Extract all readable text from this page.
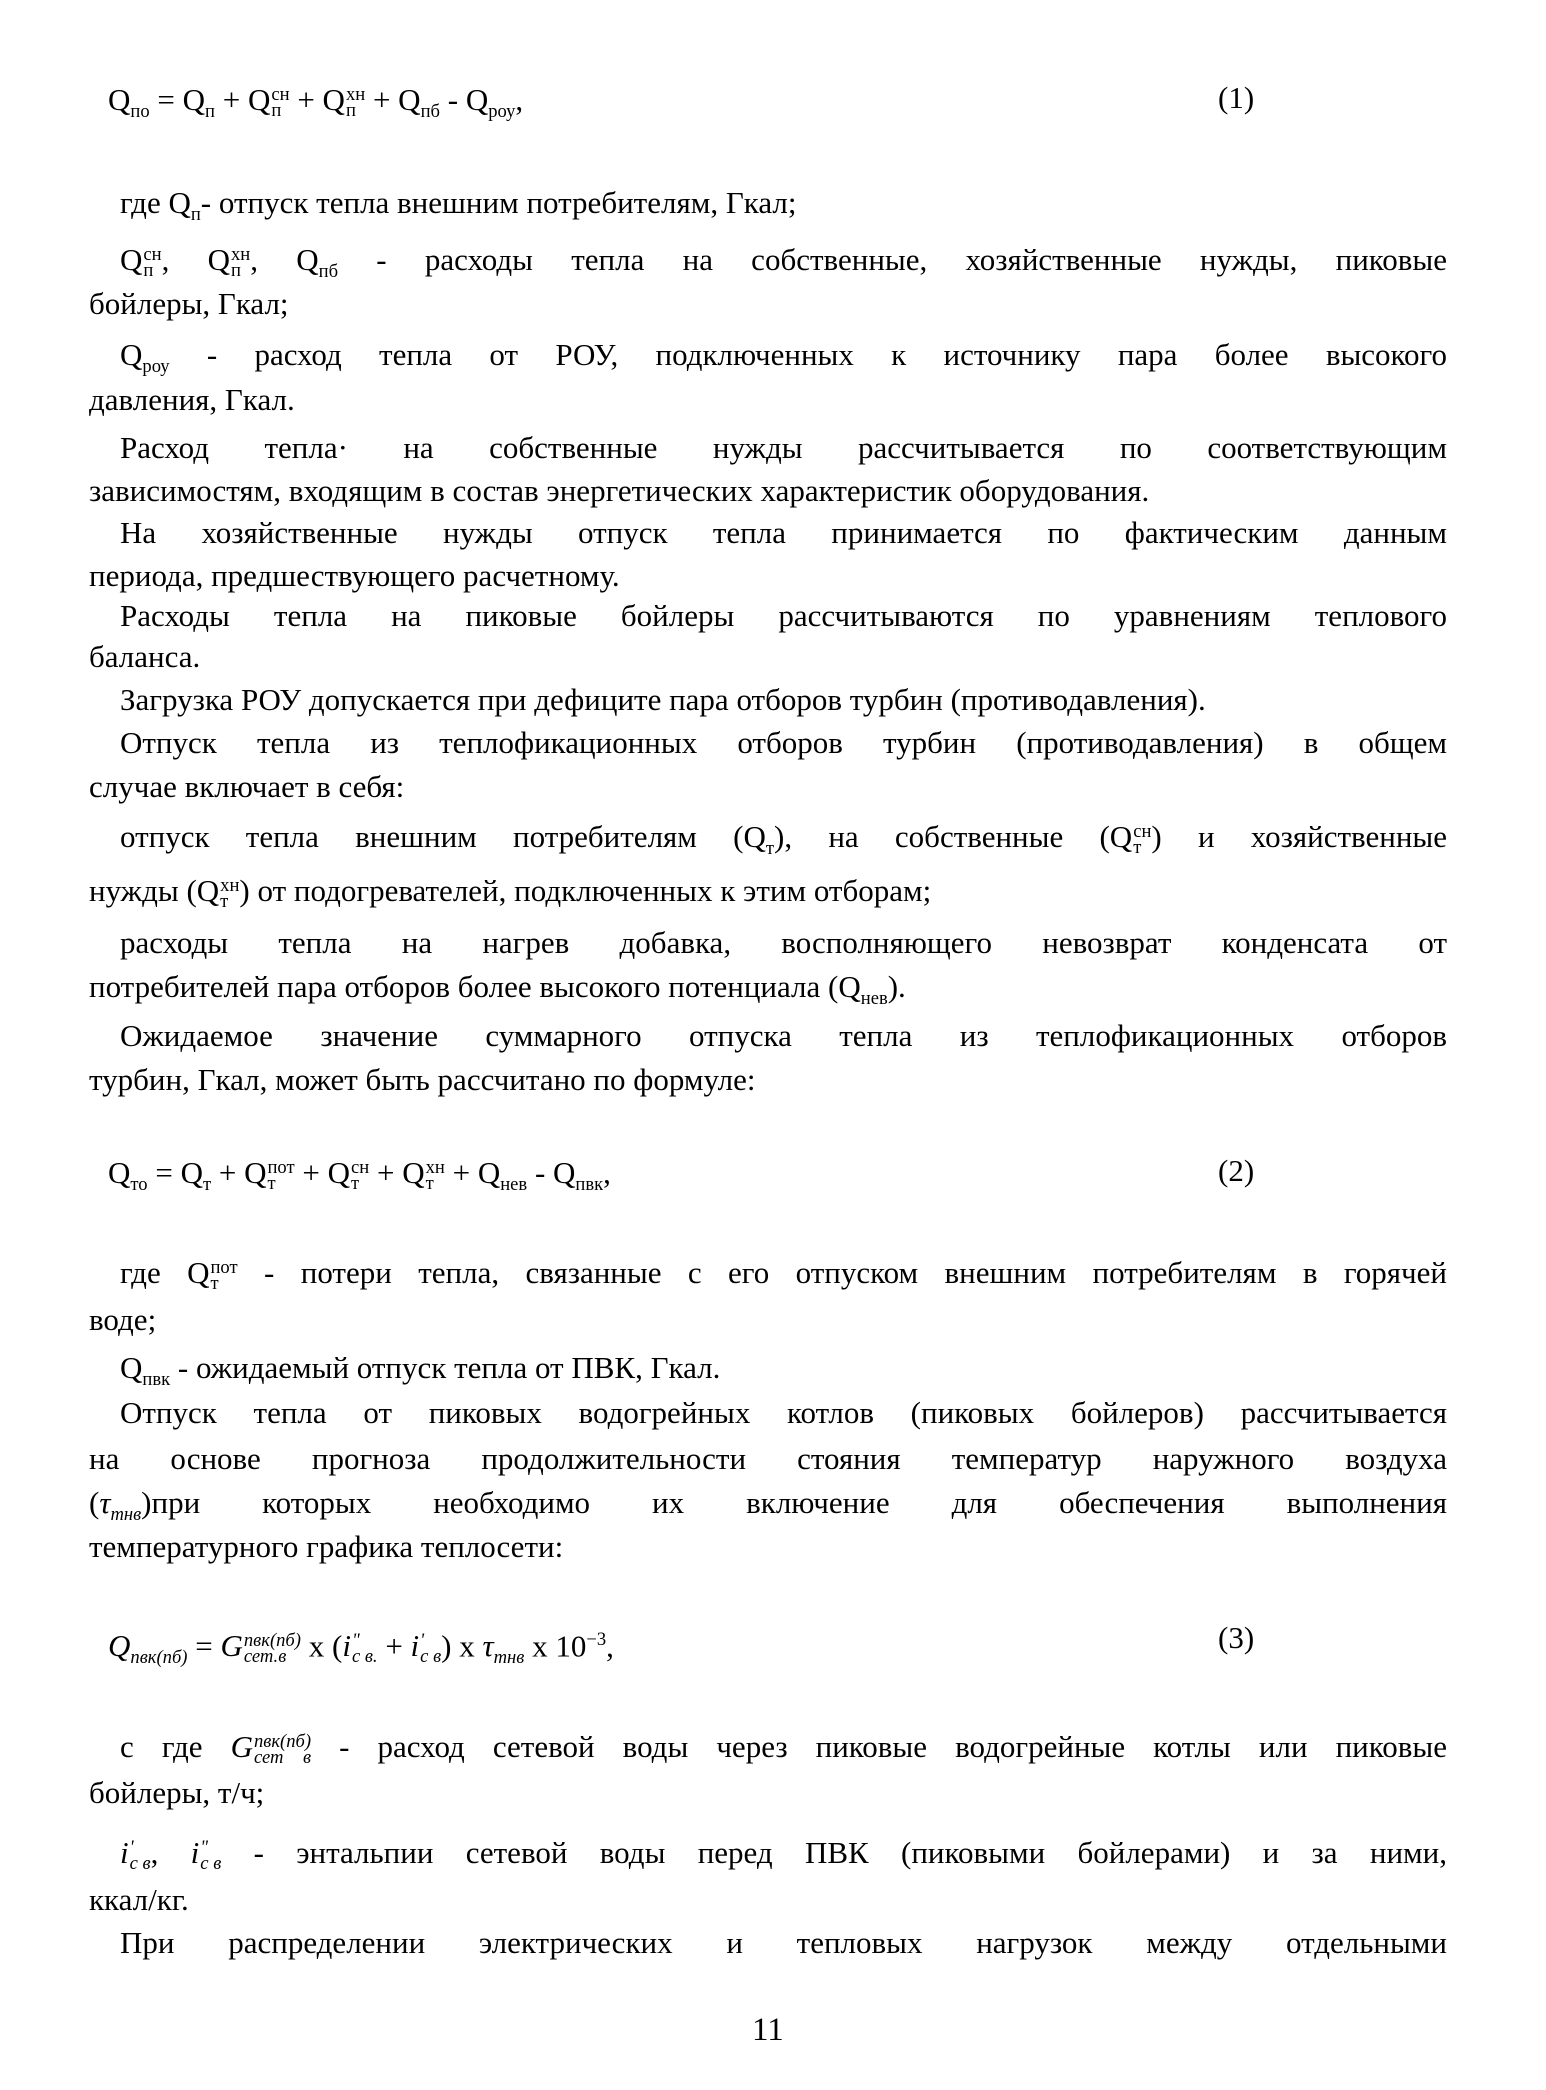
где $Q_п-$ отпуск тепла внешним потребителям, Гкал;
Q сн
п , Q хн
п , $Q_{пб}$ - расходы тепла на собственные, хозяйственные нужды, пиковые
бойлеры, Гкал;
$Q_{роу}$ - расход тепла от РОУ, подключенных к источнику пара более высокого
давления, Гкал.
Расход тепла· на собственные нужды рассчитывается по соответствующим
зависимостям, входящим в состав энергетических характеристик оборудования.
На хозяйственные нужды отпуск тепла принимается по фактическим данным
периода, предшествующего расчетному.
Расходы тепла на пиковые бойлеры рассчитываются по уравнениям теплового
баланса.
Загрузка РОУ допускается при дефиците пара отборов турбин (противодавления).
Отпуск тепла из теплофикационных отборов турбин (противодавления) в общем
случае включает в себя:
отпуск тепла внешним потребителям $(Q_т)$, на собственные (Q сн
т ) и хозяйственные
нужды (Q хн
т ) от подогревателей, подключенных к этим отборам;
расходы тепла на нагрев добавка, восполняющего невозврат конденсата от
потребителей пара отборов более высокого потенциала $(Q_{нев})$.
Ожидаемое значение суммарного отпуска тепла из теплофикационных отборов
турбин, Гкал, может быть рассчитано по формуле:
где Q пот
т - потери тепла, связанные с его отпуском внешним потребителям в горячей
воде;
$Q_{пвк}$ - ожидаемый отпуск тепла от ПВК, Гкал.
Отпуск тепла от пиковых водогрейных котлов (пиковых бойлеров) рассчитывается
на основе прогноза продолжительности стояния температур наружного воздуха
$(\tau_{тнв})при$ которых необходимо их включение для обеспечения выполнения
температурного графика теплосети:
с где G пвк(пб)
сет в - расход сетевой воды через пиковые водогрейные котлы или пиковые
бойлеры, т/ч;
i '
с в , i "
с в - энтальпии сетевой воды перед ПВК (пиковыми бойлерами) и за ними,
ккал/кг.
При распределении электрических и тепловых нагрузок между отдельными
$Q_{по} = Q_п + Q$ сн
п + Q хн
$п + Q_{пб} - Q_{роу}$,	(1)
$Q_{то} = Q_т + Q$ пот
т + Q сн
т + Q хн
$т + Q_{нев} - Q_{пвк}$,	(2)
$Q_{пвк(пб)} = G$ пвк(пб)
сет.в x (i "
с в. + i '
с в ) x $\tau_{тнв}$ x $10^{-3}$,	(3)
11
